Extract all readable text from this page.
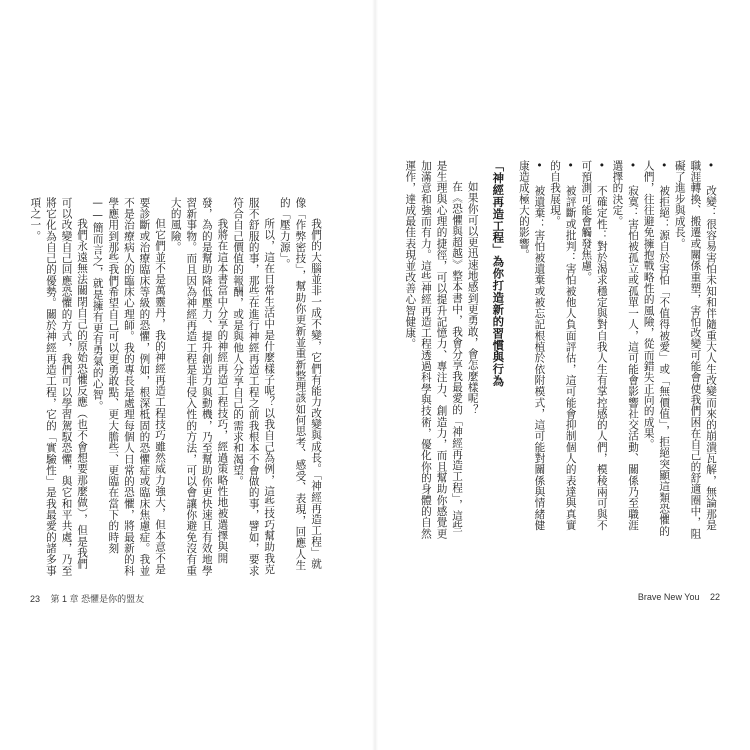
我們的大腦並非一成不變，它們有能力改變與成長。「神經再造工程」就像「作弊密技」，幫助你更新並重新整理該如何思考、感受、表現，回應人生的「壓力源」。

所以，這在日常生活中是什麼樣子呢？以我自己為例，這些技巧幫助我克服不舒服的事，那些在進行神經再造工程之前我根本不會做的事，譬如，要求符合自己價值的報酬，或是與他人分享自己的需求和渴望。

我將在這本書當中分享的神經再造工程技巧，經過策略性地被選擇與開發，為的是幫助降低壓力、提升創造力與動機，乃至幫助你更快速且有效地學習新事物。而且因為神經再造工程是非侵入性的方法，可以會讓你避免沒有重大的風險。

但它們並不是萬靈丹，我的神經再造工程技巧雖然威力強大，但本意不是要診斷或治療臨床等級的恐懼，例如，根深柢固的恐懼症或臨床焦慮症。我並不是治療病人的臨床心理師。我的專長是處理每個人日常的恐懼，將最新的科學應用到那些我們希望自己可以更勇敢點、更大膽些、更臨在當下的時刻——簡而言之，就是擁有更有勇氣的心智。

我們永遠無法關閉自己的原始恐懼反應（也不會想要那麼做），但是我們可以改變自己回應恐懼的方式，我們可以學習駕馭恐懼，與它和平共處，乃至將它化為自己的優勢。關於神經再造工程，它的「實驗性」是我最愛的諸多事項之一。

23 第 1 章 恐懼是你的盟友

• 改變：很容易害怕未知和伴隨重大人生改變而來的崩潰瓦解，無論那是職涯轉換、搬遷或關係重塑，害怕改變可能會使我們困在自己的舒適圈中，阻礙了進步與成長。

• 被拒絕：源自於害怕「不值得被愛」或「無價值」，拒絕突顯這類恐懼的人們，往往避免擁抱戰略性的風險，從而錯失正向的成果。

• 寂寞：害怕被孤立或孤單一人，這可能會影響社交活動、關係乃至職涯選擇的決定。

• 不確定性：對於渴求穩定與對自我人生有掌控感的人們，模稜兩可與不可預測可能會觸發焦慮。

• 被評斷或批判：害怕被他人負面評估，這可能會抑制個人的表達與真實的自我展現。

• 被遺棄：害怕被遺棄或被忘記根植於依附模式，這可能對關係與情緒健康造成極大的影響。

「神經再造工程」為你打造新的習慣與行為

如果你可以更迅速地感到更勇敢，會怎麼樣呢？

在《恐懼與超越》整本書中，我會分享我最愛的「神經再造工程」，這些是生理與心理的捷徑，可以提升記憶力、專注力、創造力，而且幫助你感覺更加滿意和強而有力。這些神經再造工程透過科學與技術，優化你的身體的自然運作，達成最佳表現並改善心智健康。

Brave New You 22
